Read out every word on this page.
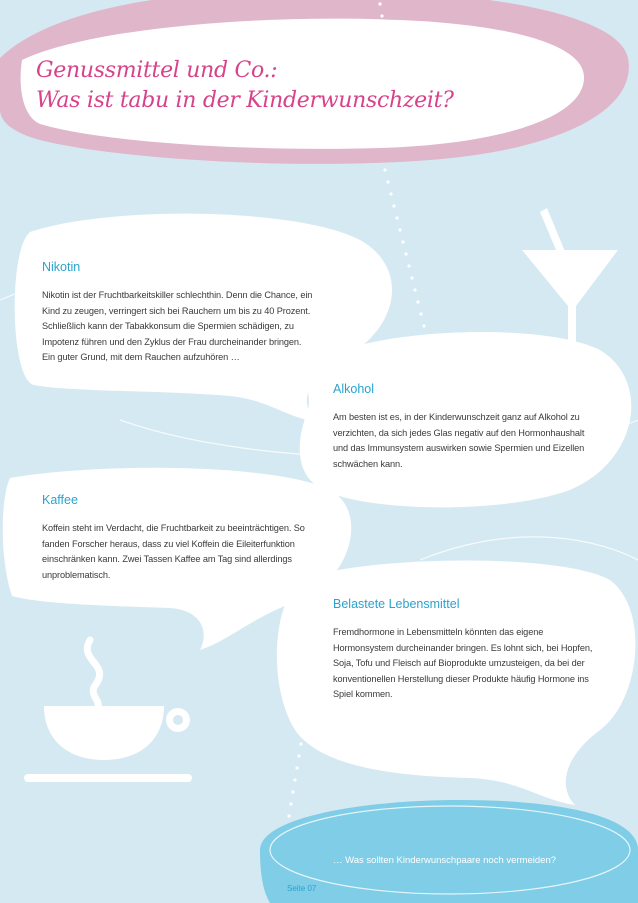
Genussmittel und Co.:
Was ist tabu in der Kinderwunschzeit?
Nikotin

Nikotin ist der Fruchtbarkeitskiller schlechthin. Denn die Chance, ein Kind zu zeugen, verringert sich bei Rauchern um bis zu 40 Prozent. Schließlich kann der Tabakkonsum die Spermien schädigen, zu Impotenz führen und den Zyklus der Frau durcheinander bringen. Ein guter Grund, mit dem Rauchen aufzuhören …

Alkohol

Am besten ist es, in der Kinderwunschzeit ganz auf Alkohol zu verzichten, da sich jedes Glas negativ auf den Hormonhaushalt und das Immunsystem auswirken sowie Spermien und Eizellen schwächen kann.

Kaffee

Koffein steht im Verdacht, die Fruchtbarkeit zu beeinträchtigen. So fanden Forscher heraus, dass zu viel Koffein die Eileiterfunktion einschränken kann. Zwei Tassen Kaffee am Tag sind allerdings unproblematisch.

Belastete Lebensmittel

Fremdhormone in Lebensmitteln könnten das eigene Hormonsystem durcheinander bringen. Es lohnt sich, bei Hopfen, Soja, Tofu und Fleisch auf Bioprodukte umzusteigen, da bei der konventionellen Herstellung dieser Produkte häufig Hormone ins Spiel kommen.

… Was sollten Kinderwunschpaare noch vermeiden?

Seite 07
